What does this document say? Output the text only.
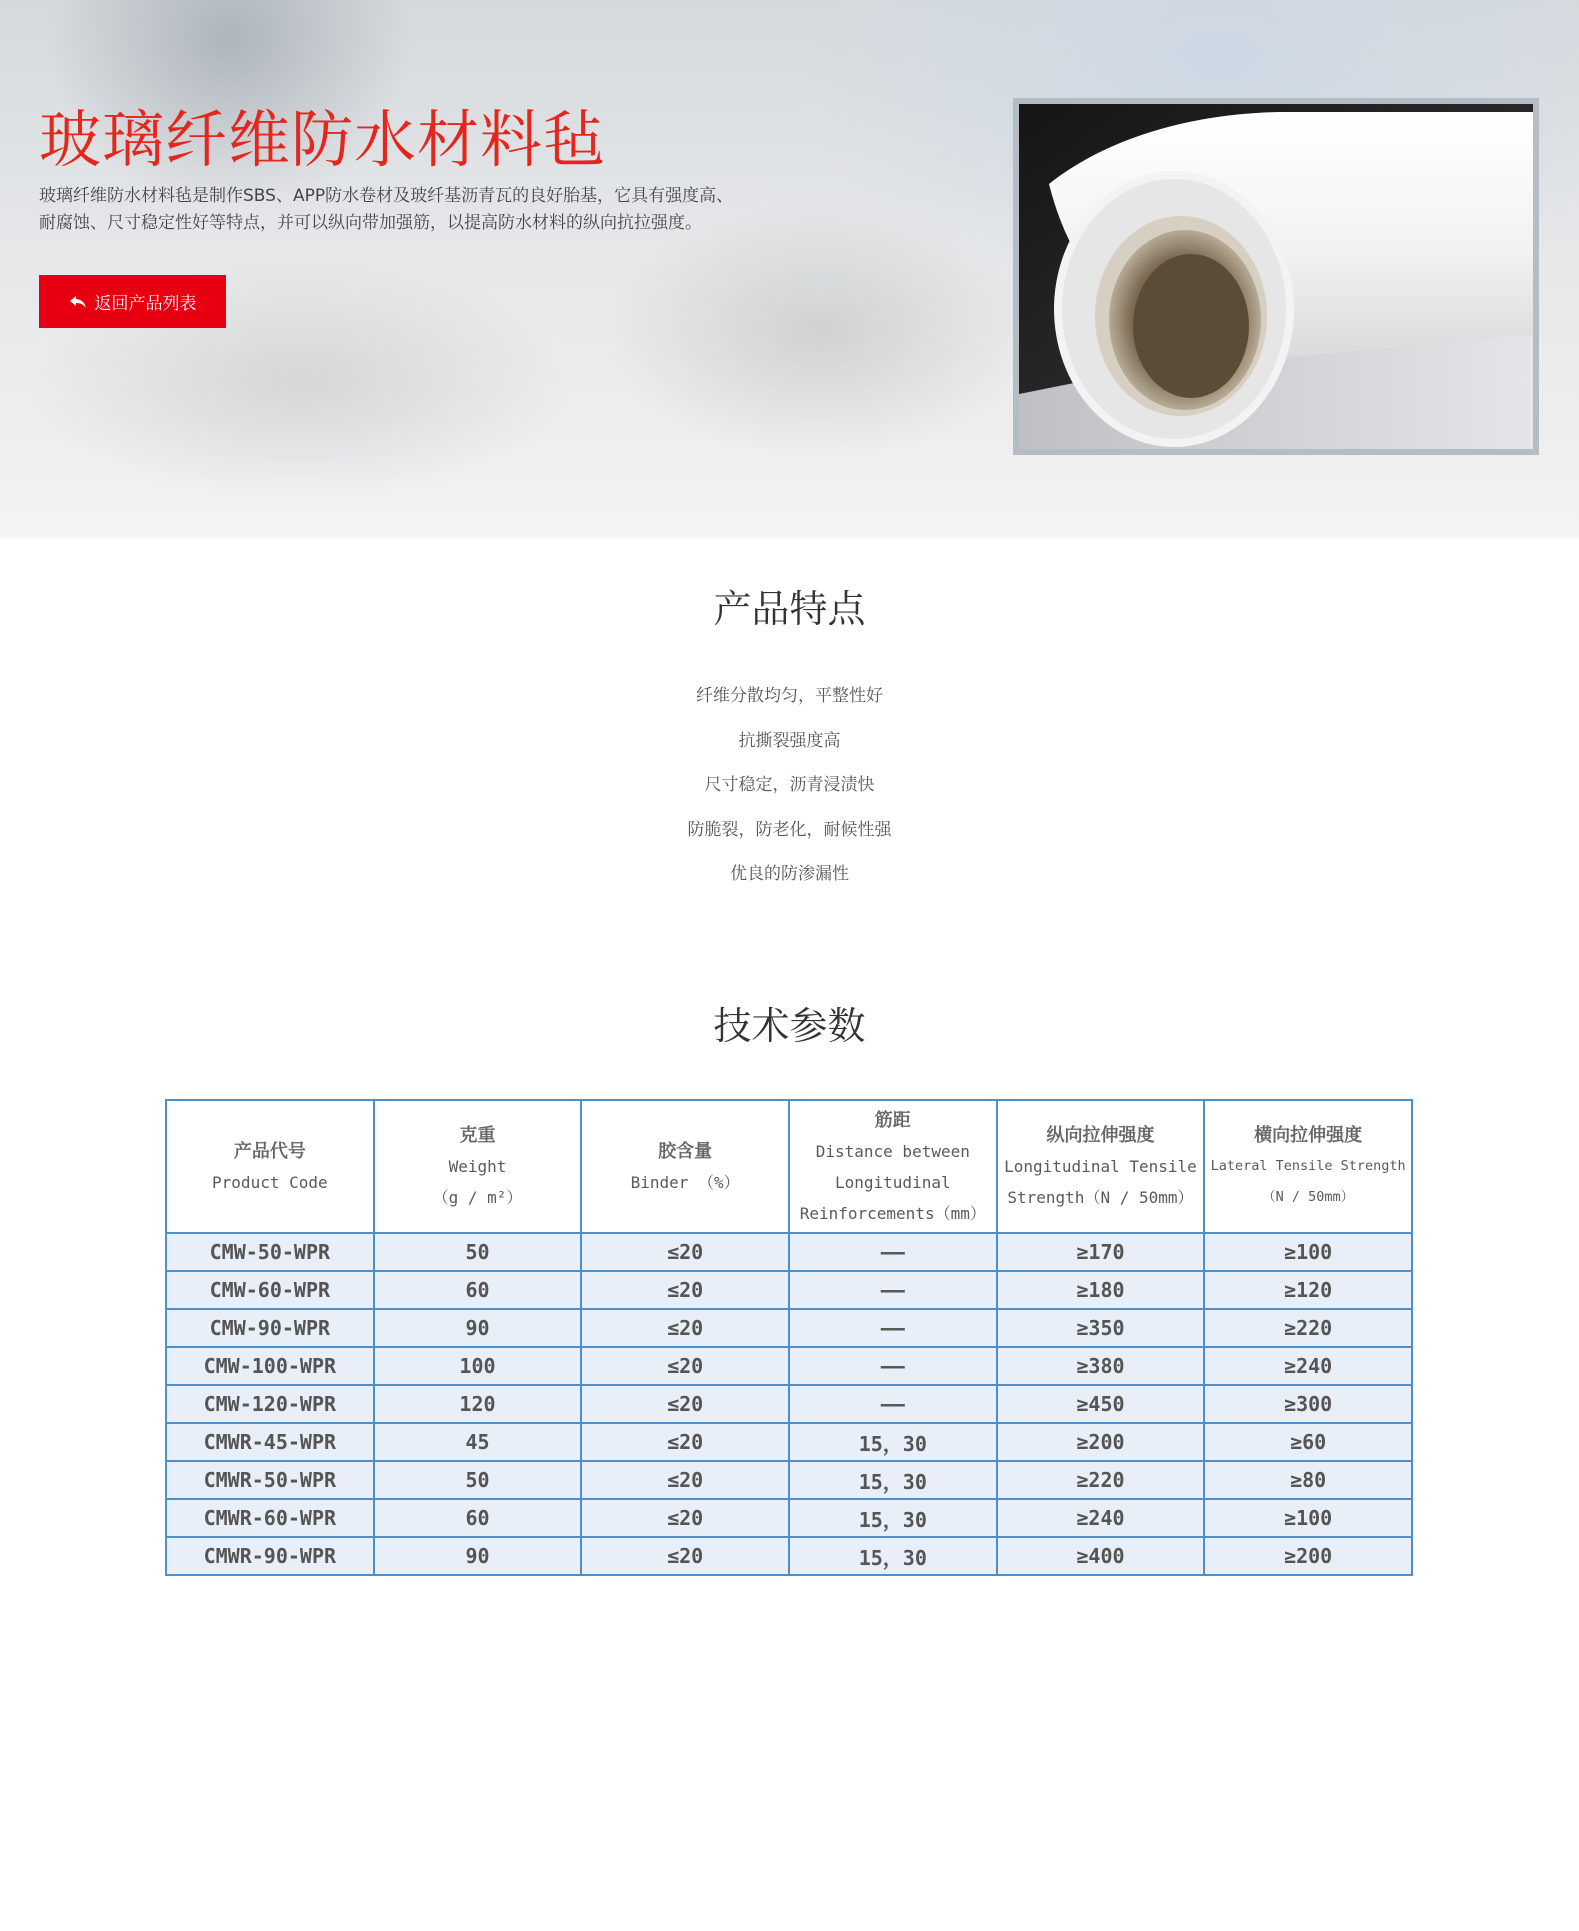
玻璃纤维防水材料毡

玻璃纤维防水材料毡是制作SBS、APP防水卷材及玻纤基沥青瓦的良好胎基，它具有强度高、
耐腐蚀、尺寸稳定性好等特点，并可以纵向带加强筋，以提高防水材料的纵向抗拉强度。

返回产品列表
产品特点
纤维分散均匀，平整性好
抗撕裂强度高
尺寸稳定，沥青浸渍快
防脆裂，防老化，耐候性强
优良的防渗漏性
技术参数
产品代号
Product Code	克重
Weight
（g / m²）	胶含量
Binder （%）	筋距
Distance between
Longitudinal
Reinforcements（mm）	纵向拉伸强度
Longitudinal Tensile
Strength（N / 50mm）	横向拉伸强度
Lateral Tensile Strength
（N / 50mm）

CMW-50-WPR	50	≤20	——	≥170	≥100
CMW-60-WPR	60	≤20	——	≥180	≥120
CMW-90-WPR	90	≤20	——	≥350	≥220
CMW-100-WPR	100	≤20	——	≥380	≥240
CMW-120-WPR	120	≤20	——	≥450	≥300
CMWR-45-WPR	45	≤20	15，30	≥200	≥60
CMWR-50-WPR	50	≤20	15，30	≥220	≥80
CMWR-60-WPR	60	≤20	15，30	≥240	≥100
CMWR-90-WPR	90	≤20	15，30	≥400	≥200
